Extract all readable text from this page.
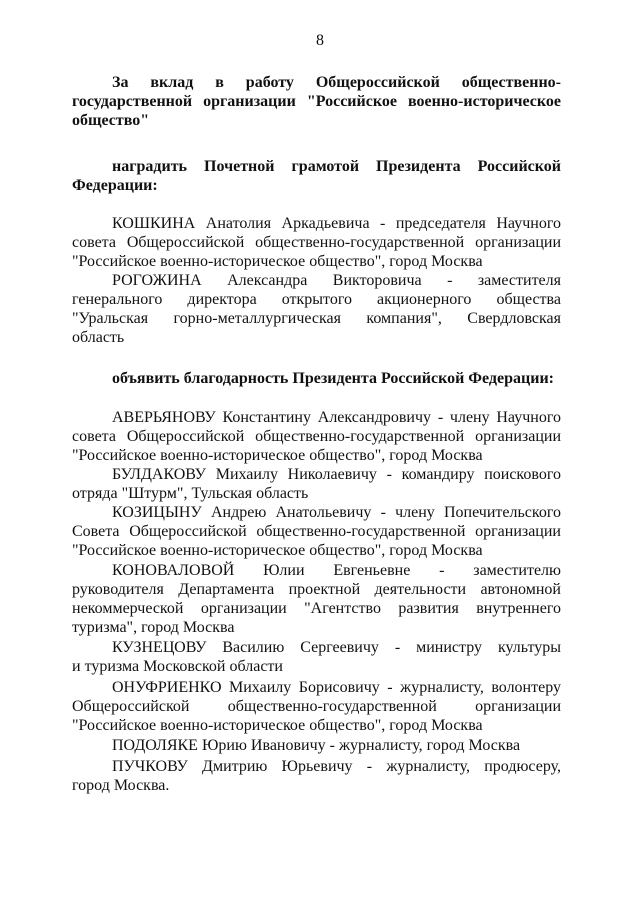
8
За вклад в работу Общероссийской общественно-
государственной организации "Российское военно-историческое
общество"
наградить Почетной грамотой Президента Российской
Федерации:
КОШКИНА Анатолия Аркадьевича - председателя Научного
совета Общероссийской общественно-государственной организации
"Российское военно-историческое общество", город Москва
РОГОЖИНА Александра Викторовича - заместителя
генерального директора открытого акционерного общества
"Уральская горно-металлургическая компания", Свердловская
область
объявить благодарность Президента Российской Федерации:
АВЕРЬЯНОВУ Константину Александровичу - члену Научного
совета Общероссийской общественно-государственной организации
"Российское военно-историческое общество", город Москва
БУЛДАКОВУ Михаилу Николаевичу - командиру поискового
отряда "Штурм", Тульская область
КОЗИЦЫНУ Андрею Анатольевичу - члену Попечительского
Совета Общероссийской общественно-государственной организации
"Российское военно-историческое общество", город Москва
КОНОВАЛОВОЙ Юлии Евгеньевне - заместителю
руководителя Департамента проектной деятельности автономной
некоммерческой организации "Агентство развития внутреннего
туризма", город Москва
КУЗНЕЦОВУ Василию Сергеевичу - министру культуры
и туризма Московской области
ОНУФРИЕНКО Михаилу Борисовичу - журналисту, волонтеру
Общероссийской общественно-государственной организации
"Российское военно-историческое общество", город Москва
ПОДОЛЯКЕ Юрию Ивановичу - журналисту, город Москва
ПУЧКОВУ Дмитрию Юрьевичу - журналисту, продюсеру,
город Москва.
